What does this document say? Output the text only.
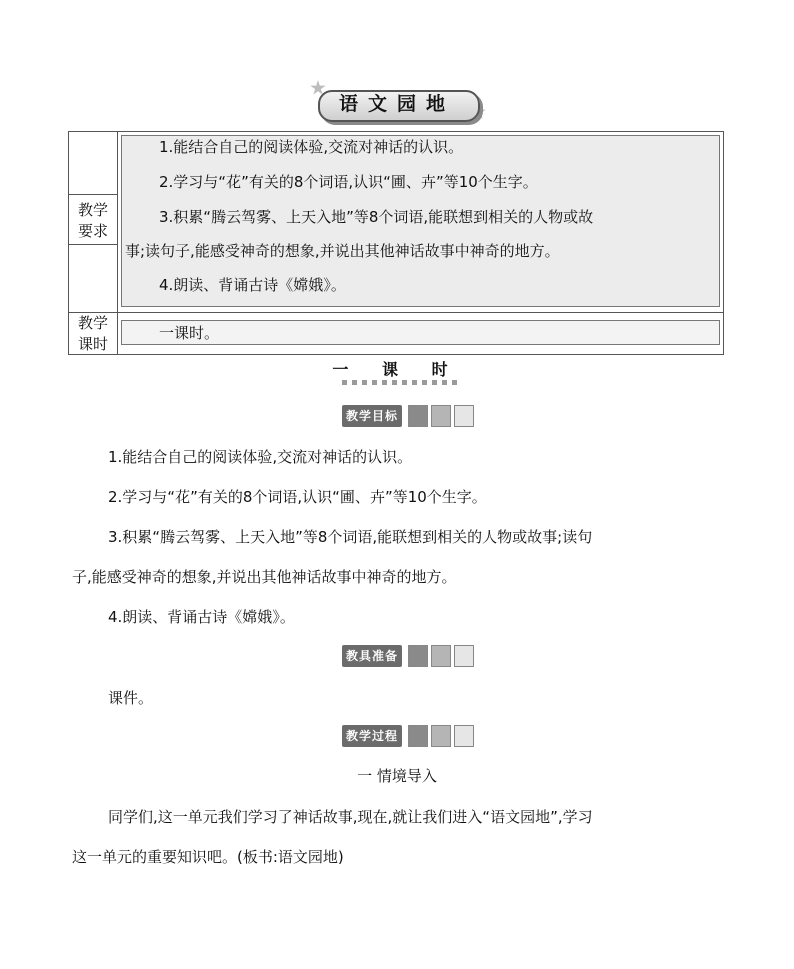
语文园地
教学
要求
1.能结合自己的阅读体验,交流对神话的认识。
2.学习与“花”有关的8个词语,认识“圃、卉”等10个生字。
3.积累“腾云驾雾、上天入地”等8个词语,能联想到相关的人物或故
事;读句子,能感受神奇的想象,并说出其他神话故事中神奇的地方。
4.朗读、背诵古诗《嫦娥》。
教学
课时
一课时。
一 课 时
教学目标
1.能结合自己的阅读体验,交流对神话的认识。
2.学习与“花”有关的8个词语,认识“圃、卉”等10个生字。
3.积累“腾云驾雾、上天入地”等8个词语,能联想到相关的人物或故事;读句
子,能感受神奇的想象,并说出其他神话故事中神奇的地方。
4.朗读、背诵古诗《嫦娥》。
教具准备
课件。
教学过程
一 情境导入
同学们,这一单元我们学习了神话故事,现在,就让我们进入“语文园地”,学习
这一单元的重要知识吧。(板书:语文园地)
